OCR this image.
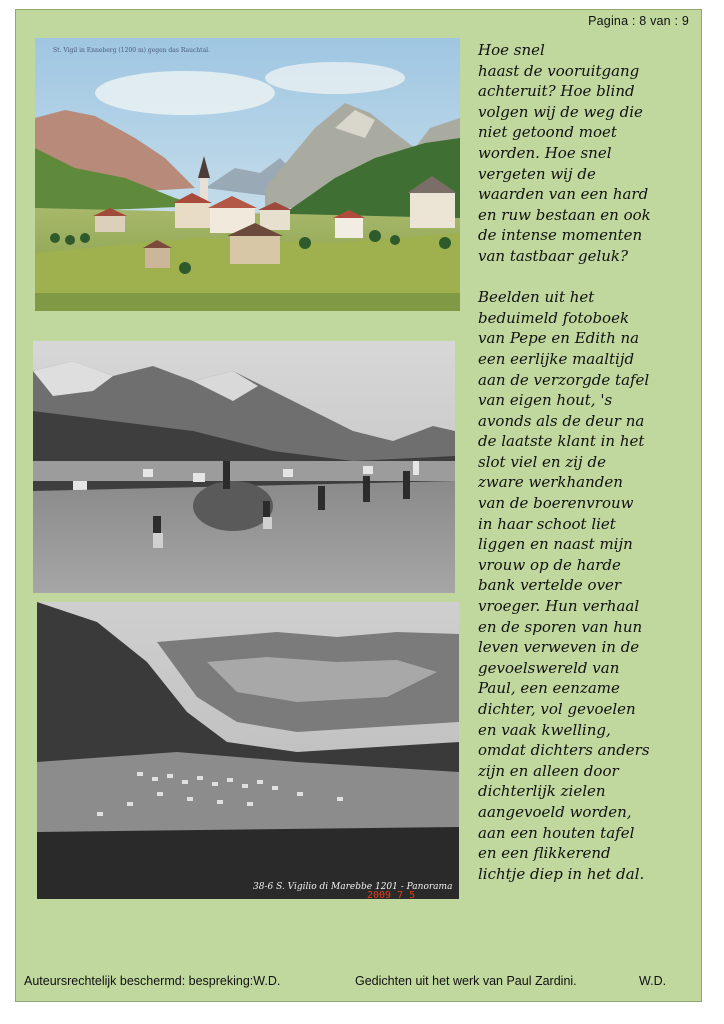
Pagina : 8 van : 9
St. Vigil in Enneberg (1200 m) gegen das Rauchtal.
38-6 S. Vigilio di Marebbe 1201 - Panorama
2009 7 5

Hoe snel
haast de vooruitgang
achteruit? Hoe blind
volgen wij de weg die
niet getoond moet
worden. Hoe snel
vergeten wij de
waarden van een hard
en ruw bestaan en ook
de intense momenten
van tastbaar geluk?

Beelden uit het
beduimeld fotoboek
van Pepe en Edith na
een eerlijke maaltijd
aan de verzorgde tafel
van eigen hout, 's
avonds als de deur na
de laatste klant in het
slot viel en zij de
zware werkhanden
van de boerenvrouw
in haar schoot liet
liggen en naast mijn
vrouw op de harde
bank vertelde over
vroeger. Hun verhaal
en de sporen van hun
leven verweven in de
gevoelswereld van
Paul, een eenzame
dichter, vol gevoelen
en vaak kwelling,
omdat dichters anders
zijn en alleen door
dichterlijk zielen
aangevoeld worden,
aan een houten tafel
en een flikkerend
lichtje diep in het dal.

Auteursrechtelijk beschermd: bespreking:W.D.	Gedichten uit het werk van Paul Zardini.	W.D.
